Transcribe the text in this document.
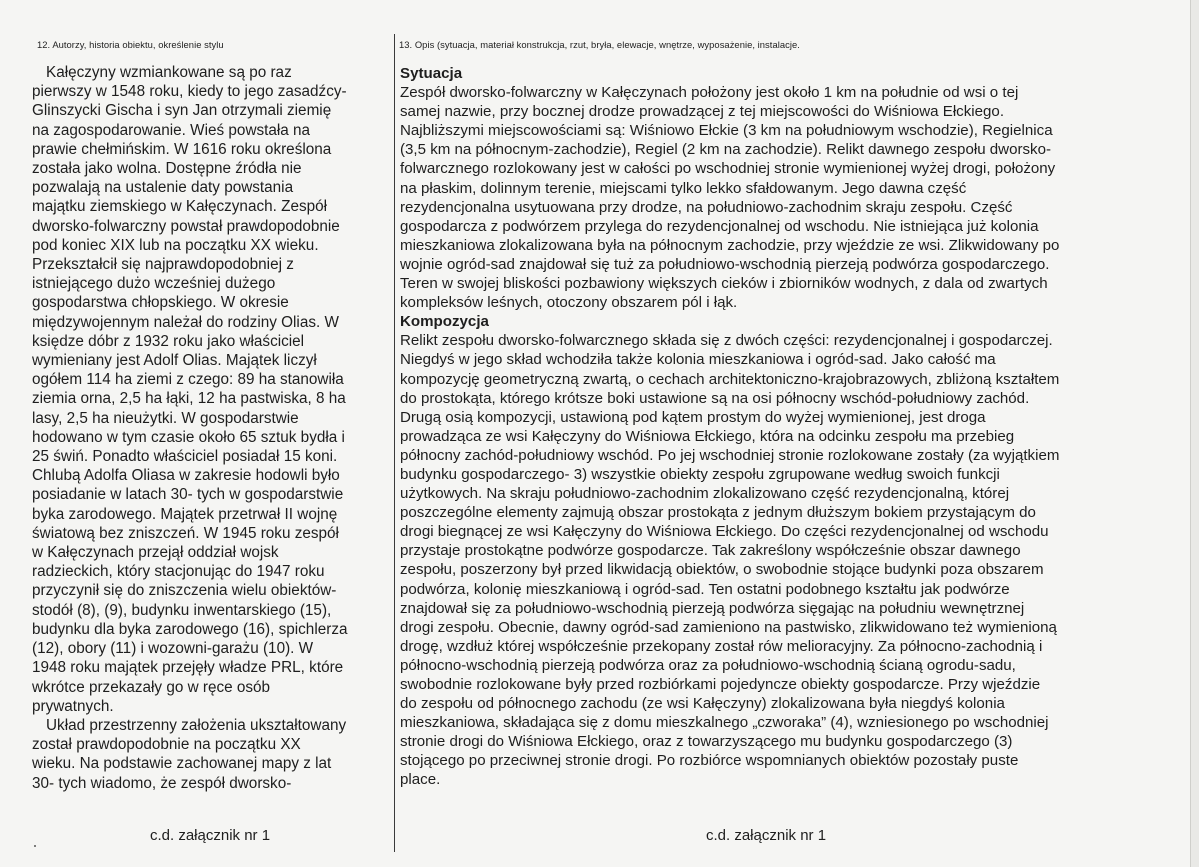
12. Autorzy, historia obiektu, określenie stylu	13. Opis (sytuacja, materiał konstrukcja, rzut, bryła, elewacje, wnętrze, wyposażenie, instalacje.
Kałęczyny wzmiankowane są po raz
pierwszy w 1548 roku, kiedy to jego zasadźcy-
Glinszycki Gischa i syn Jan otrzymali ziemię
na zagospodarowanie. Wieś powstała na
prawie chełmińskim. W 1616 roku określona
została jako wolna. Dostępne źródła nie
pozwalają na ustalenie daty powstania
majątku ziemskiego w Kałęczynach. Zespół
dworsko-folwarczny powstał prawdopodobnie
pod koniec XIX lub na początku XX wieku.
Przekształcił się najprawdopodobniej z
istniejącego dużo wcześniej dużego
gospodarstwa chłopskiego. W okresie
międzywojennym należał do rodziny Olias. W
księdze dóbr z 1932 roku jako właściciel
wymieniany jest Adolf Olias. Majątek liczył
ogółem 114 ha ziemi z czego: 89 ha stanowiła
ziemia orna, 2,5 ha łąki, 12 ha pastwiska, 8 ha
lasy, 2,5 ha nieużytki. W gospodarstwie
hodowano w tym czasie około 65 sztuk bydła i
25 świń. Ponadto właściciel posiadał 15 koni.
Chlubą Adolfa Oliasa w zakresie hodowli było
posiadanie w latach 30- tych w gospodarstwie
byka zarodowego. Majątek przetrwał II wojnę
światową bez zniszczeń. W 1945 roku zespół
w Kałęczynach przejął oddział wojsk
radzieckich, który stacjonując do 1947 roku
przyczynił się do zniszczenia wielu obiektów-
stodół (8), (9), budynku inwentarskiego (15),
budynku dla byka zarodowego (16), spichlerza
(12), obory (11) i wozowni-garażu (10). W
1948 roku majątek przejęły władze PRL, które
wkrótce przekazały go w ręce osób
prywatnych.
Układ przestrzenny założenia ukształtowany
został prawdopodobnie na początku XX
wieku. Na podstawie zachowanej mapy z lat
30- tych wiadomo, że zespół dworsko-
Sytuacja
Zespół dworsko-folwarczny w Kałęczynach położony jest około 1 km na południe od wsi o tej
samej nazwie, przy bocznej drodze prowadzącej z tej miejscowości do Wiśniowa Ełckiego.
Najbliższymi miejscowościami są: Wiśniowo Ełckie (3 km na południowym wschodzie), Regielnica
(3,5 km na północnym-zachodzie), Regiel (2 km na zachodzie). Relikt dawnego zespołu dworsko-
folwarcznego rozlokowany jest w całości po wschodniej stronie wymienionej wyżej drogi, położony
na płaskim, dolinnym terenie, miejscami tylko lekko sfałdowanym. Jego dawna część
rezydencjonalna usytuowana przy drodze, na południowo-zachodnim skraju zespołu. Część
gospodarcza z podwórzem przylega do rezydencjonalnej od wschodu. Nie istniejąca już kolonia
mieszkaniowa zlokalizowana była na północnym zachodzie, przy wjeździe ze wsi. Zlikwidowany po
wojnie ogród-sad znajdował się tuż za południowo-wschodnią pierzeją podwórza gospodarczego.
Teren w swojej bliskości pozbawiony większych cieków i zbiorników wodnych, z dala od zwartych
kompleksów leśnych, otoczony obszarem pól i łąk.
Kompozycja
Relikt zespołu dworsko-folwarcznego składa się z dwóch części: rezydencjonalnej i gospodarczej.
Niegdyś w jego skład wchodziła także kolonia mieszkaniowa i ogród-sad. Jako całość ma
kompozycję geometryczną zwartą, o cechach architektoniczno-krajobrazowych, zbliżoną kształtem
do prostokąta, którego krótsze boki ustawione są na osi północny wschód-południowy zachód.
Drugą osią kompozycji, ustawioną pod kątem prostym do wyżej wymienionej, jest droga
prowadząca ze wsi Kałęczyny do Wiśniowa Ełckiego, która na odcinku zespołu ma przebieg
północny zachód-południowy wschód. Po jej wschodniej stronie rozlokowane zostały (za wyjątkiem
budynku gospodarczego- 3) wszystkie obiekty zespołu zgrupowane według swoich funkcji
użytkowych. Na skraju południowo-zachodnim zlokalizowano część rezydencjonalną, której
poszczególne elementy zajmują obszar prostokąta z jednym dłuższym bokiem przystającym do
drogi biegnącej ze wsi Kałęczyny do Wiśniowa Ełckiego. Do części rezydencjonalnej od wschodu
przystaje prostokątne podwórze gospodarcze. Tak zakreślony współcześnie obszar dawnego
zespołu, poszerzony był przed likwidacją obiektów, o swobodnie stojące budynki poza obszarem
podwórza, kolonię mieszkaniową i ogród-sad. Ten ostatni podobnego kształtu jak podwórze
znajdował się za południowo-wschodnią pierzeją podwórza sięgając na południu wewnętrznej
drogi zespołu. Obecnie, dawny ogród-sad zamieniono na pastwisko, zlikwidowano też wymienioną
drogę, wzdłuż której współcześnie przekopany został rów melioracyjny. Za północno-zachodnią i
północno-wschodnią pierzeją podwórza oraz za południowo-wschodnią ścianą ogrodu-sadu,
swobodnie rozlokowane były przed rozbiórkami pojedyncze obiekty gospodarcze. Przy wjeździe
do zespołu od północnego zachodu (ze wsi Kałęczyny) zlokalizowana była niegdyś kolonia
mieszkaniowa, składająca się z domu mieszkalnego „czworaka” (4), wzniesionego po wschodniej
stronie drogi do Wiśniowa Ełckiego, oraz z towarzyszącego mu budynku gospodarczego (3)
stojącego po przeciwnej stronie drogi. Po rozbiórce wspomnianych obiektów pozostały puste
place.
c.d. załącznik nr 1	c.d. załącznik nr 1
